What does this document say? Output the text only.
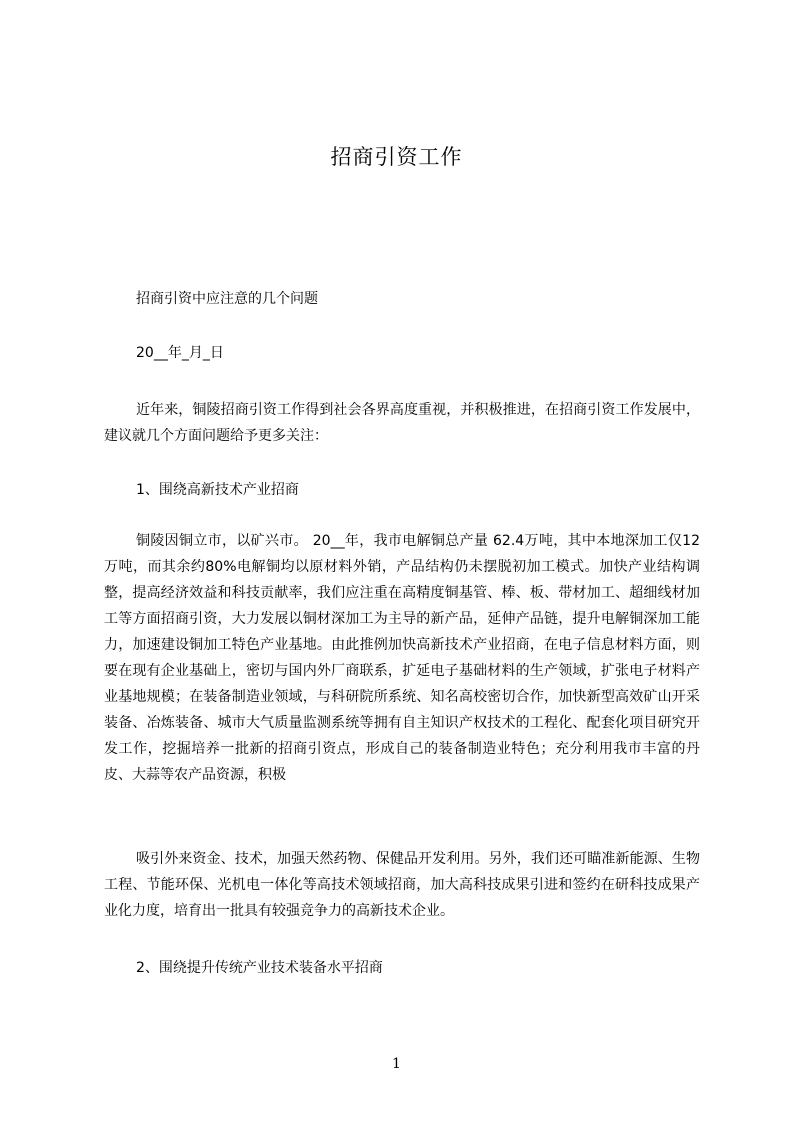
招商引资工作
招商引资中应注意的几个问题
20__年_月_日
近年来，铜陵招商引资工作得到社会各界高度重视，并积极推进，在招商引资工作发展中，建议就几个方面问题给予更多关注：
1、围绕高新技术产业招商
铜陵因铜立市，以矿兴市。 20__年，我市电解铜总产量 62.4万吨，其中本地深加工仅12万吨，而其余约80%电解铜均以原材料外销，产品结构仍未摆脱初加工模式。加快产业结构调整，提高经济效益和科技贡献率，我们应注重在高精度铜基管、棒、板、带材加工、超细线材加工等方面招商引资，大力发展以铜材深加工为主导的新产品，延伸产品链，提升电解铜深加工能力，加速建设铜加工特色产业基地。由此推例加快高新技术产业招商，在电子信息材料方面，则要在现有企业基础上，密切与国内外厂商联系，扩延电子基础材料的生产领域，扩张电子材料产业基地规模；在装备制造业领域，与科研院所系统、知名高校密切合作，加快新型高效矿山开采装备、冶炼装备、城市大气质量监测系统等拥有自主知识产权技术的工程化、配套化项目研究开发工作，挖掘培养一批新的招商引资点，形成自己的装备制造业特色；充分利用我市丰富的丹皮、大蒜等农产品资源，积极
吸引外来资金、技术，加强天然药物、保健品开发利用。另外，我们还可瞄准新能源、生物工程、节能环保、光机电一体化等高技术领域招商，加大高科技成果引进和签约在研科技成果产业化力度，培育出一批具有较强竞争力的高新技术企业。
2、围绕提升传统产业技术装备水平招商
1
